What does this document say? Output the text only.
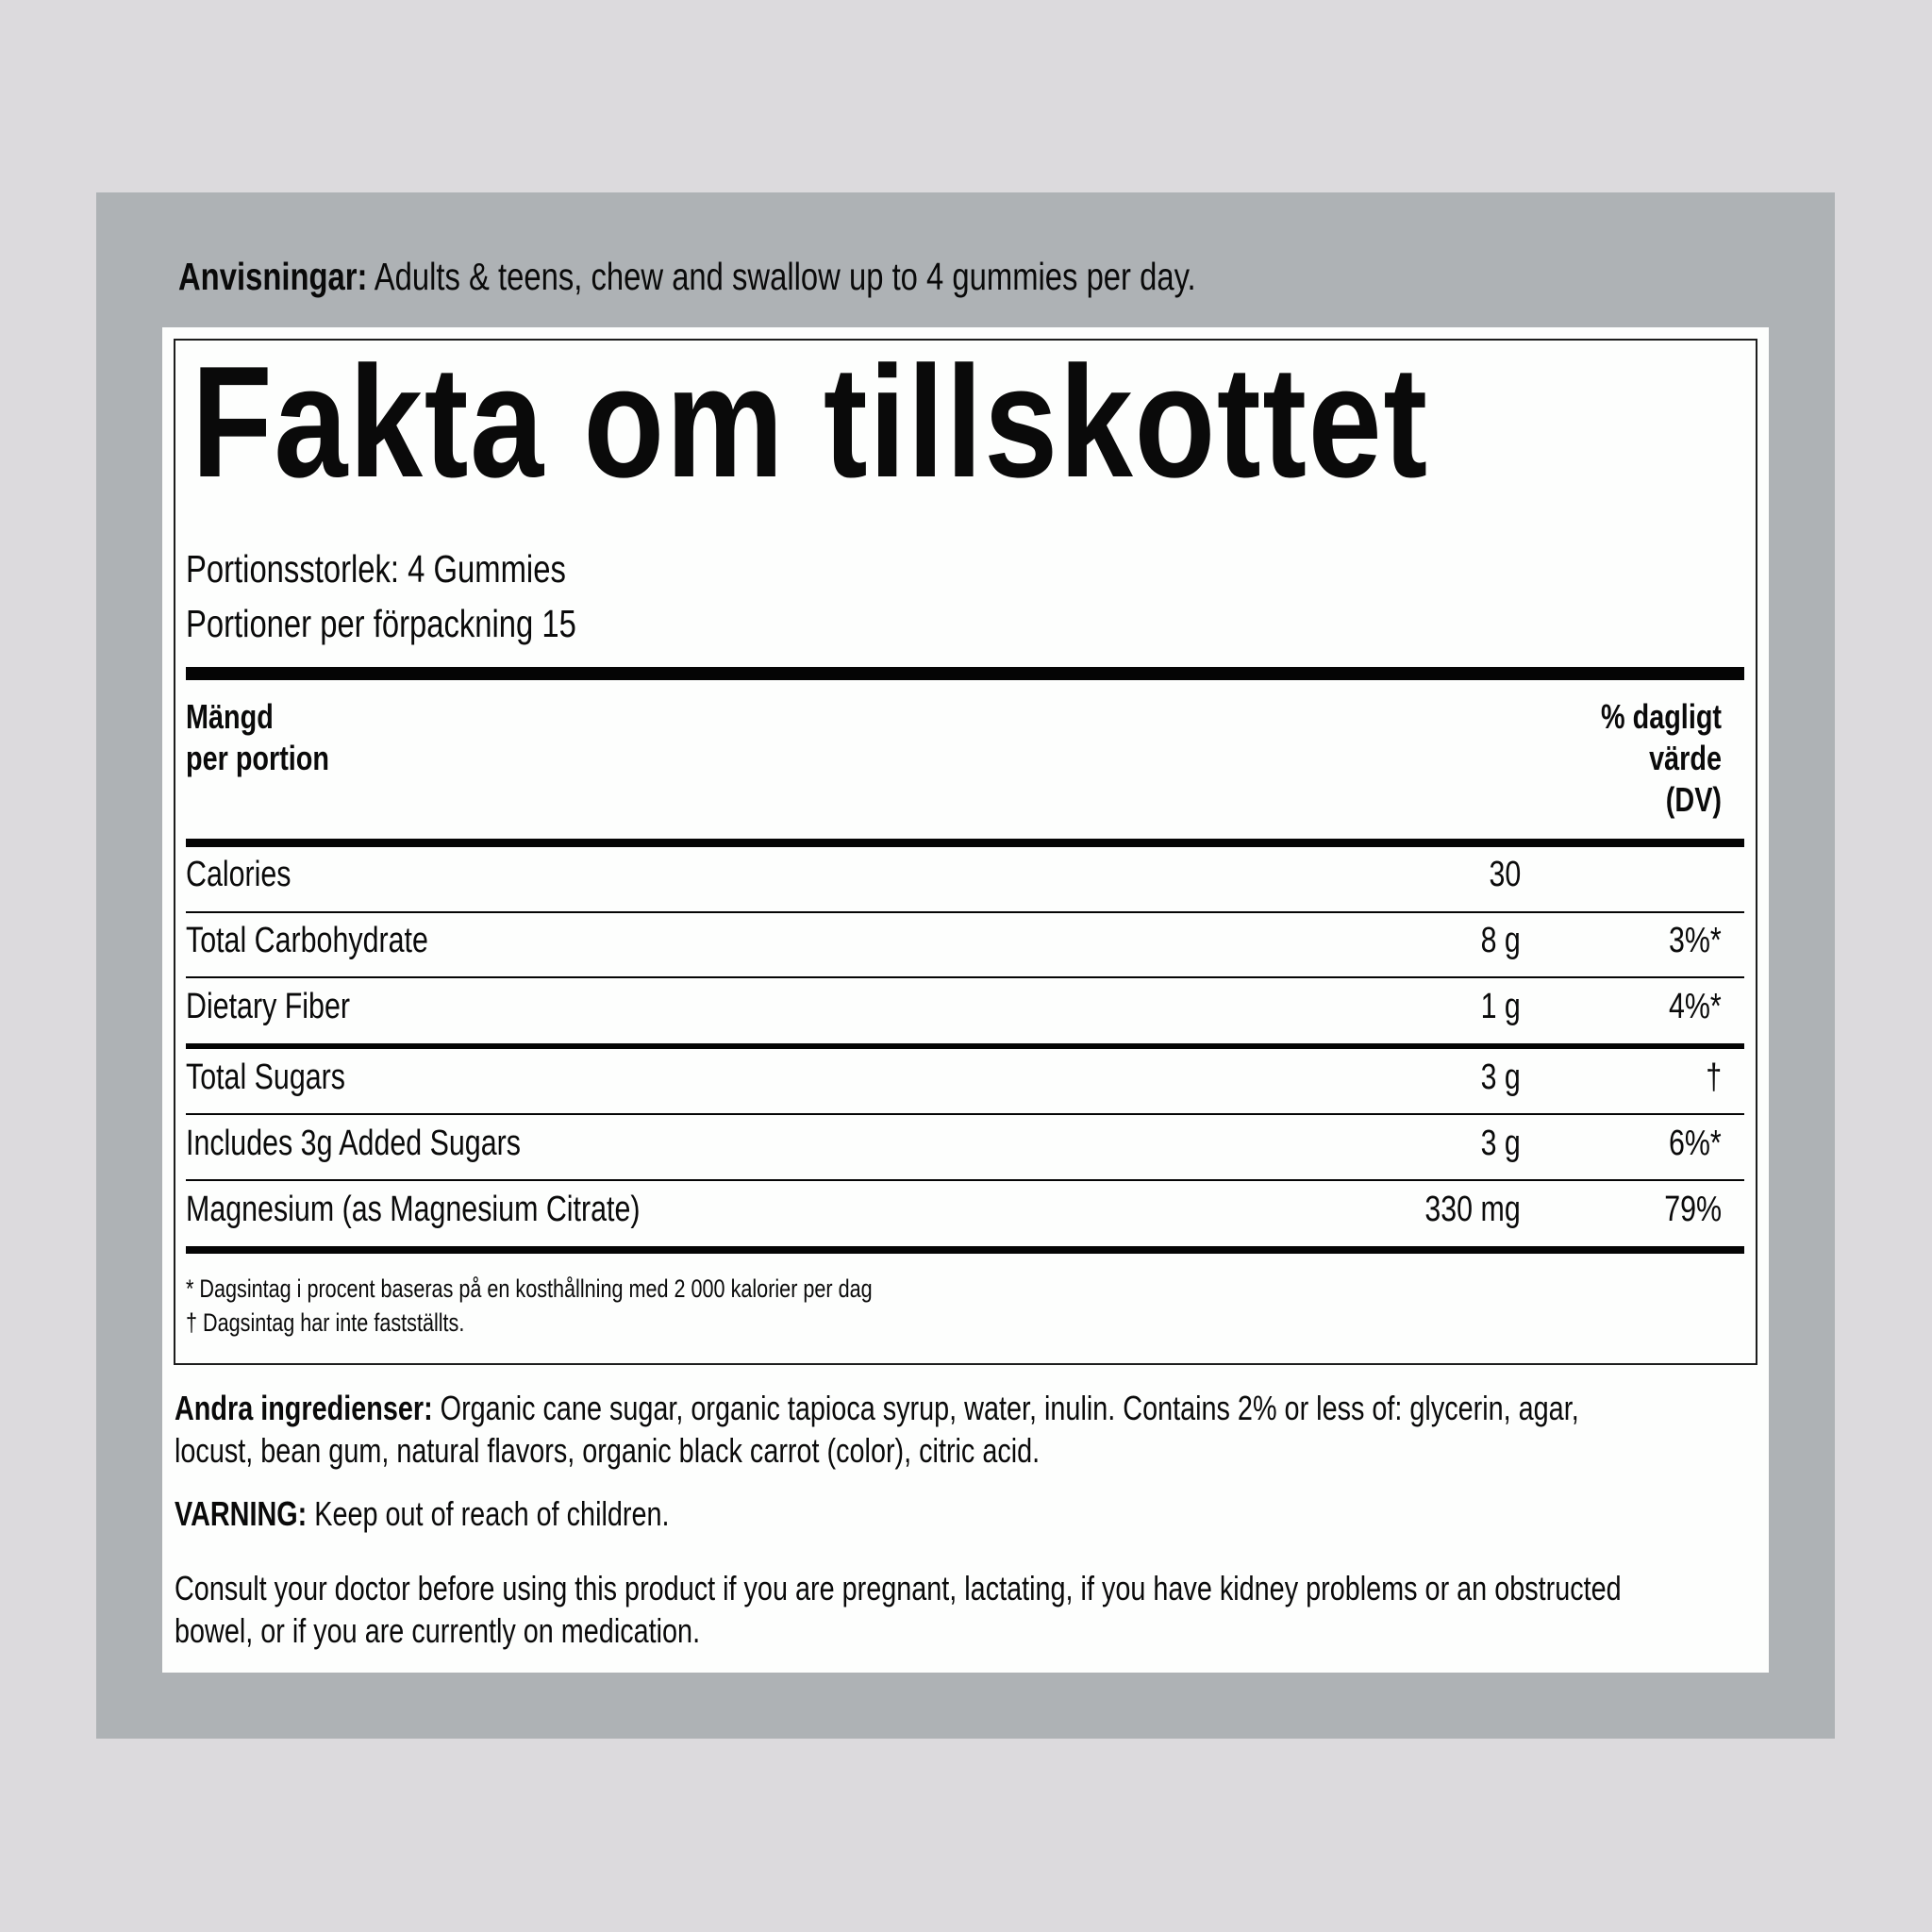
Anvisningar: Adults & teens, chew and swallow up to 4 gummies per day.
Fakta om tillskottet
Portionsstorlek: 4 Gummies
Portioner per förpackning 15
Mängd
per portion
% dagligt
värde
(DV)
Calories	30
Total Carbohydrate	8 g	3%*
Dietary Fiber	1 g	4%*
Total Sugars	3 g	†
Includes 3g Added Sugars	3 g	6%*
Magnesium (as Magnesium Citrate)	330 mg	79%
* Dagsintag i procent baseras på en kosthållning med 2 000 kalorier per dag
† Dagsintag har inte fastställts.
Andra ingredienser: Organic cane sugar, organic tapioca syrup, water, inulin. Contains 2% or less of: glycerin, agar,
locust, bean gum, natural flavors, organic black carrot (color), citric acid.
VARNING: Keep out of reach of children.
Consult your doctor before using this product if you are pregnant, lactating, if you have kidney problems or an obstructed
bowel, or if you are currently on medication.
